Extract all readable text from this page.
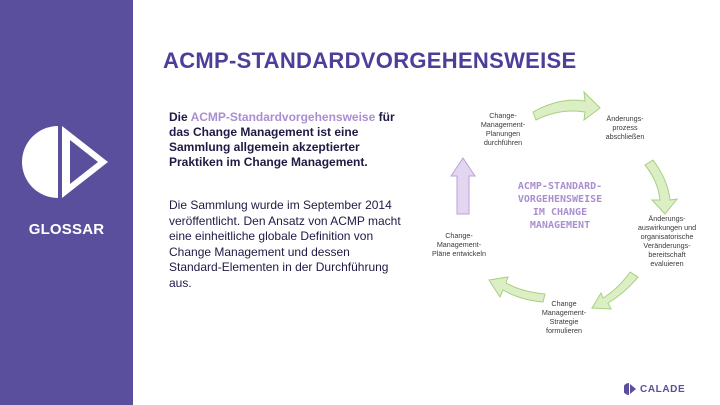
GLOSSAR
ACMP-STANDARDVORGEHENSWEISE
Die ACMP-Standardvorgehensweise für das Change Management ist eine Sammlung allgemein akzeptierter Praktiken im Change Management.
Die Sammlung wurde im September 2014 veröffentlicht. Den Ansatz von ACMP macht eine einheitliche globale Definition von Change Management und dessen Standard-Elementen in der Durchführung aus.
Change-Management-Planungen durchführen
Änderungs-prozess abschließen
Änderungs-auswirkungen und organisatorische Veränderungs-bereitschaft evaluieren
Change Management-Strategie formulieren
Change-Management-Pläne entwickeln
ACMP-STANDARD-VORGEHENSWEISE IM CHANGE MANAGEMENT
CALADE
